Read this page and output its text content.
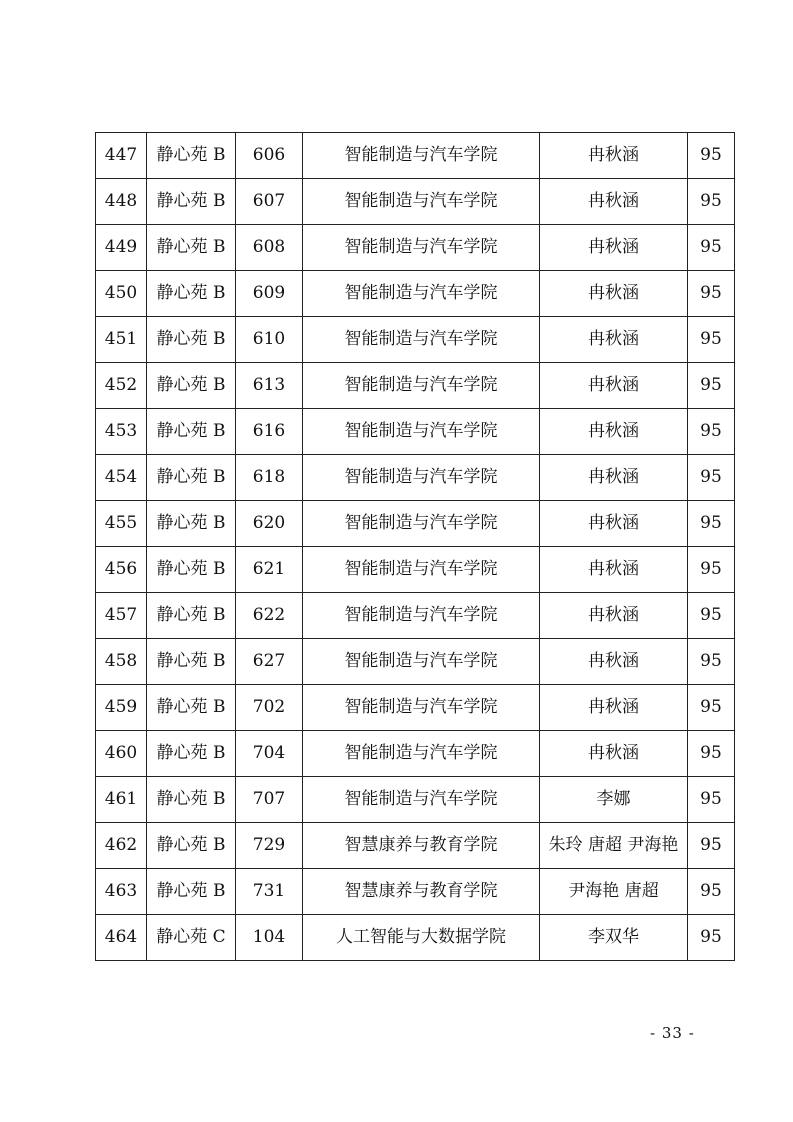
447	静心苑 B	606	智能制造与汽车学院	冉秋涵	95
448	静心苑 B	607	智能制造与汽车学院	冉秋涵	95
449	静心苑 B	608	智能制造与汽车学院	冉秋涵	95
450	静心苑 B	609	智能制造与汽车学院	冉秋涵	95
451	静心苑 B	610	智能制造与汽车学院	冉秋涵	95
452	静心苑 B	613	智能制造与汽车学院	冉秋涵	95
453	静心苑 B	616	智能制造与汽车学院	冉秋涵	95
454	静心苑 B	618	智能制造与汽车学院	冉秋涵	95
455	静心苑 B	620	智能制造与汽车学院	冉秋涵	95
456	静心苑 B	621	智能制造与汽车学院	冉秋涵	95
457	静心苑 B	622	智能制造与汽车学院	冉秋涵	95
458	静心苑 B	627	智能制造与汽车学院	冉秋涵	95
459	静心苑 B	702	智能制造与汽车学院	冉秋涵	95
460	静心苑 B	704	智能制造与汽车学院	冉秋涵	95
461	静心苑 B	707	智能制造与汽车学院	李娜	95
462	静心苑 B	729	智慧康养与教育学院	朱玲 唐超 尹海艳	95
463	静心苑 B	731	智慧康养与教育学院	尹海艳 唐超	95
464	静心苑 C	104	人工智能与大数据学院	李双华	95
- 33 -
